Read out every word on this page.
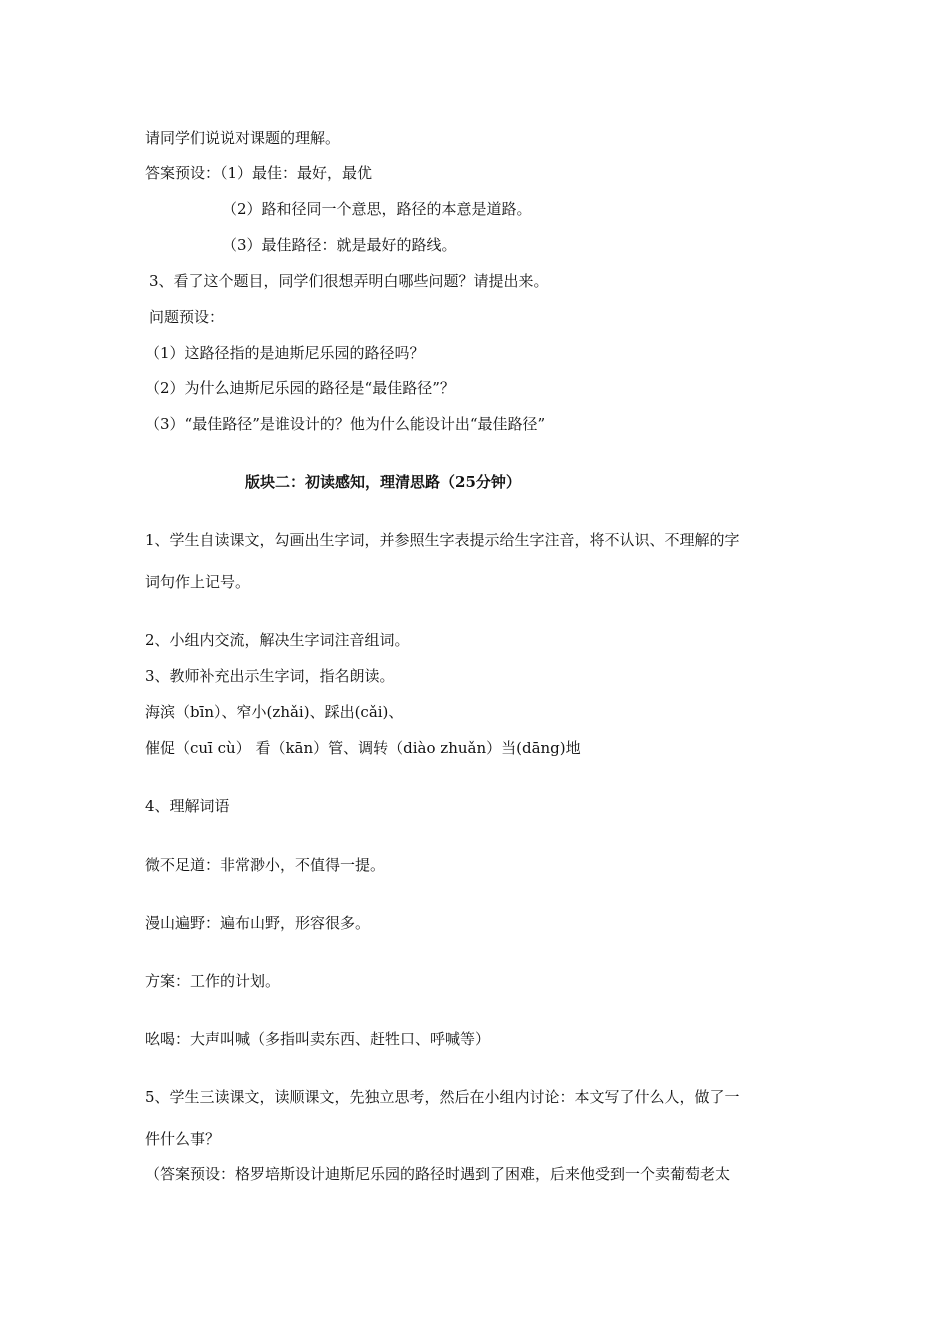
请同学们说说对课题的理解。
答案预设：（1）最佳：最好，最优
（2）路和径同一个意思，路径的本意是道路。
（3）最佳路径：就是最好的路线。
3、看了这个题目，同学们很想弄明白哪些问题？请提出来。
问题预设：
（1）这路径指的是迪斯尼乐园的路径吗？
（2）为什么迪斯尼乐园的路径是“最佳路径”？
（3）“最佳路径”是谁设计的？他为什么能设计出“最佳路径”
版块二：初读感知，理清思路（25分钟）
1、学生自读课文，勾画出生字词，并参照生字表提示给生字注音，将不认识、不理解的字
词句作上记号。
2、小组内交流，解决生字词注音组词。
3、教师补充出示生字词，指名朗读。
海滨（bīn）、窄小(zhǎi)、踩出(cǎi)、
催促（cuī cù） 看（kān）管、调转（diào zhuǎn）当(dāng)地
4、理解词语
微不足道：非常渺小，不值得一提。
漫山遍野：遍布山野，形容很多。
方案：工作的计划。
吆喝：大声叫喊（多指叫卖东西、赶牲口、呼喊等）
5、学生三读课文，读顺课文，先独立思考，然后在小组内讨论：本文写了什么人，做了一
件什么事？
（答案预设：格罗培斯设计迪斯尼乐园的路径时遇到了困难，后来他受到一个卖葡萄老太
